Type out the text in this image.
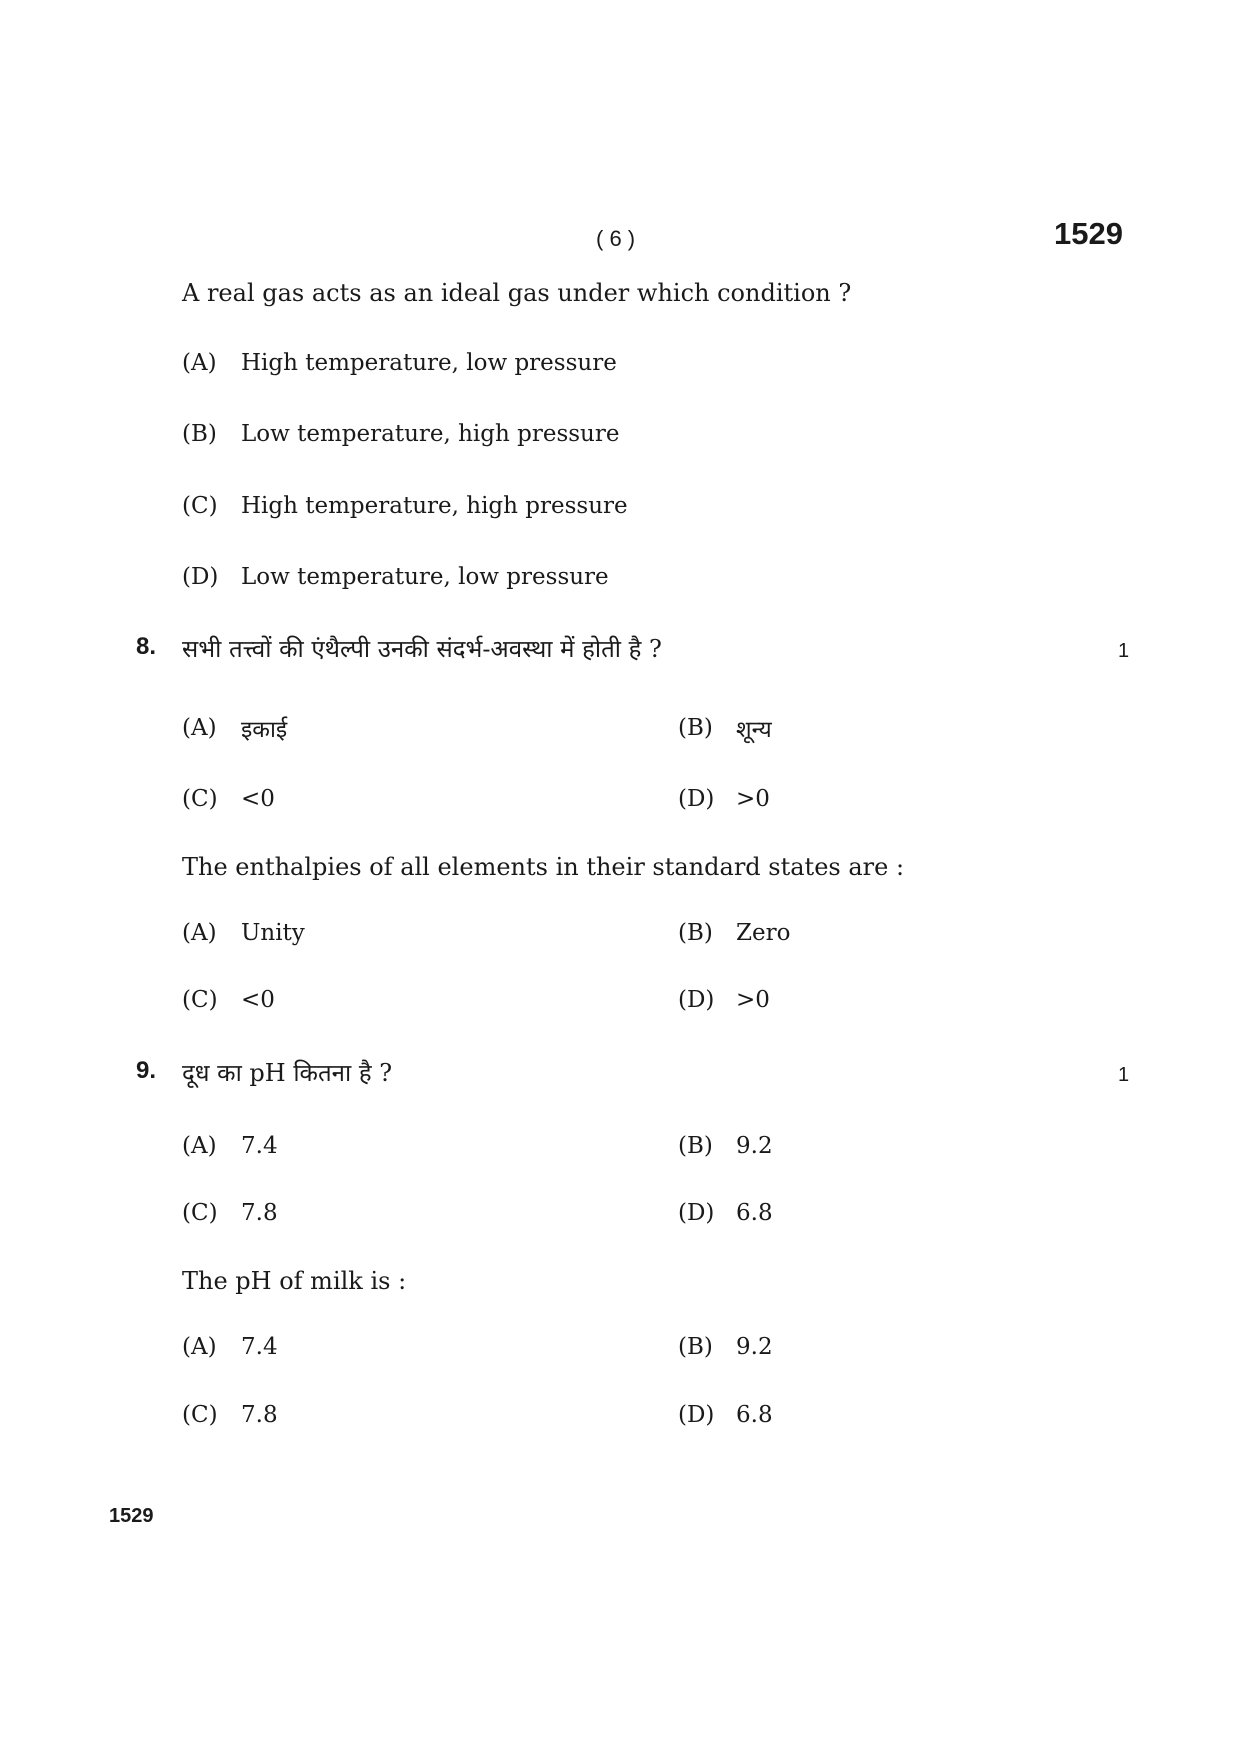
( 6 )	1529
A real gas acts as an ideal gas under which condition ?
(A) High temperature, low pressure
(B) Low temperature, high pressure
(C) High temperature, high pressure
(D) Low temperature, low pressure
8. सभी तत्त्वों की एंथैल्पी उनकी संदर्भ-अवस्था में होती है ?	1
(A) इकाई	(B) शून्य
(C) <0	(D) >0
The enthalpies of all elements in their standard states are :
(A) Unity	(B) Zero
(C) <0	(D) >0
9. दूध का pH कितना है ?	1
(A) 7.4	(B) 9.2
(C) 7.8	(D) 6.8
The pH of milk is :
(A) 7.4	(B) 9.2
(C) 7.8	(D) 6.8
1529
